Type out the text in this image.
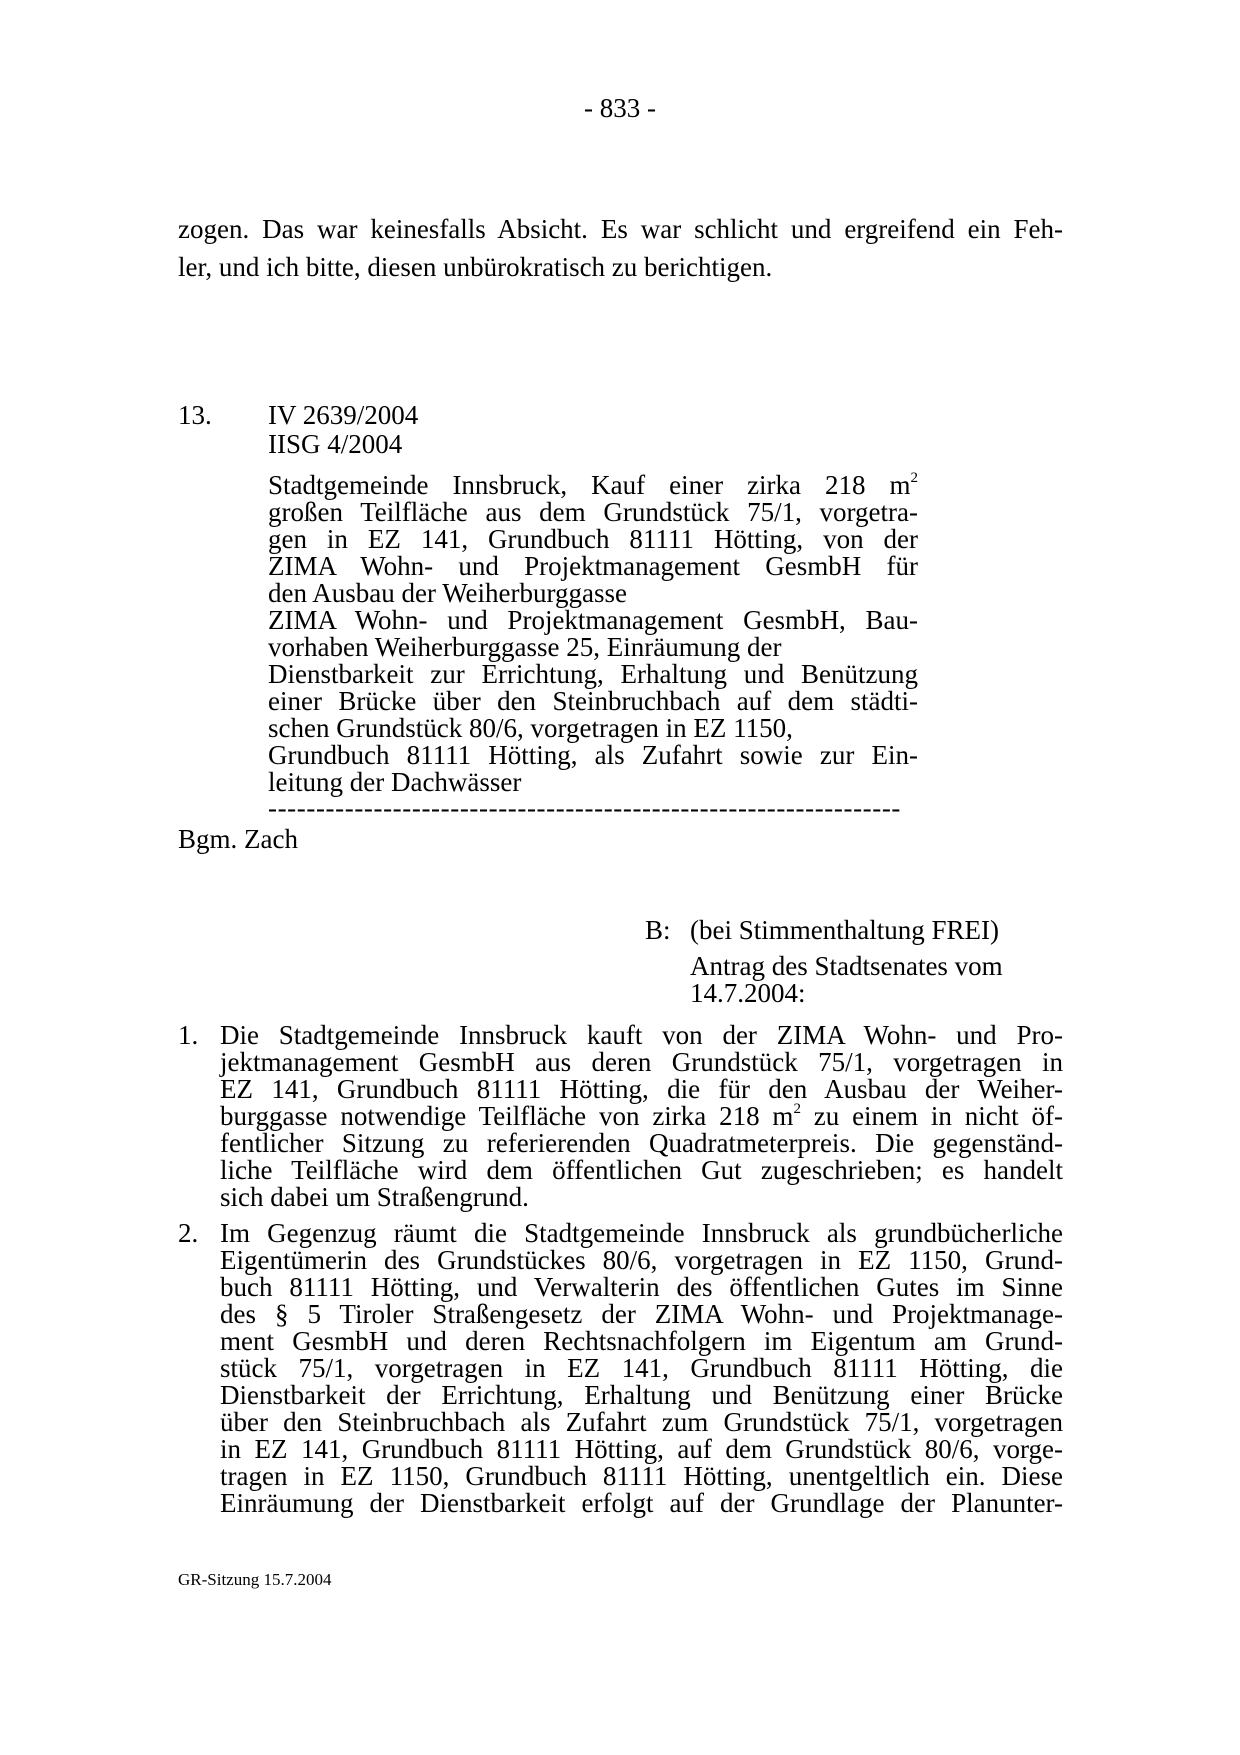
- 833 -
zogen. Das war keinesfalls Absicht. Es war schlicht und ergreifend ein Feh-
ler, und ich bitte, diesen unbürokratisch zu berichtigen.
13. IV 2639/2004
IISG 4/2004
Stadtgemeinde Innsbruck, Kauf einer zirka 218 $m^2$
großen Teilfläche aus dem Grundstück 75/1, vorgetra-
gen in EZ 141, Grundbuch 81111 Hötting, von der
ZIMA Wohn- und Projektmanagement GesmbH für
den Ausbau der Weiherburggasse
ZIMA Wohn- und Projektmanagement GesmbH, Bau-
vorhaben Weiherburggasse 25, Einräumung der
Dienstbarkeit zur Errichtung, Erhaltung und Benützung
einer Brücke über den Steinbruchbach auf dem städti-
schen Grundstück 80/6, vorgetragen in EZ 1150,
Grundbuch 81111 Hötting, als Zufahrt sowie zur Ein-
leitung der Dachwässer
------------------------------------------------------------------
Bgm. Zach
B: (bei Stimmenthaltung FREI)
Antrag des Stadtsenates vom
14.7.2004:
1. Die Stadtgemeinde Innsbruck kauft von der ZIMA Wohn- und Pro-
jektmanagement GesmbH aus deren Grundstück 75/1, vorgetragen in
EZ 141, Grundbuch 81111 Hötting, die für den Ausbau der Weiher-
burggasse notwendige Teilfläche von zirka 218 $m^2$ zu einem in nicht öf-
fentlicher Sitzung zu referierenden Quadratmeterpreis. Die gegenständ-
liche Teilfläche wird dem öffentlichen Gut zugeschrieben; es handelt
sich dabei um Straßengrund.
2. Im Gegenzug räumt die Stadtgemeinde Innsbruck als grundbücherliche
Eigentümerin des Grundstückes 80/6, vorgetragen in EZ 1150, Grund-
buch 81111 Hötting, und Verwalterin des öffentlichen Gutes im Sinne
des § 5 Tiroler Straßengesetz der ZIMA Wohn- und Projektmanage-
ment GesmbH und deren Rechtsnachfolgern im Eigentum am Grund-
stück 75/1, vorgetragen in EZ 141, Grundbuch 81111 Hötting, die
Dienstbarkeit der Errichtung, Erhaltung und Benützung einer Brücke
über den Steinbruchbach als Zufahrt zum Grundstück 75/1, vorgetragen
in EZ 141, Grundbuch 81111 Hötting, auf dem Grundstück 80/6, vorge-
tragen in EZ 1150, Grundbuch 81111 Hötting, unentgeltlich ein. Diese
Einräumung der Dienstbarkeit erfolgt auf der Grundlage der Planunter-
GR-Sitzung 15.7.2004
